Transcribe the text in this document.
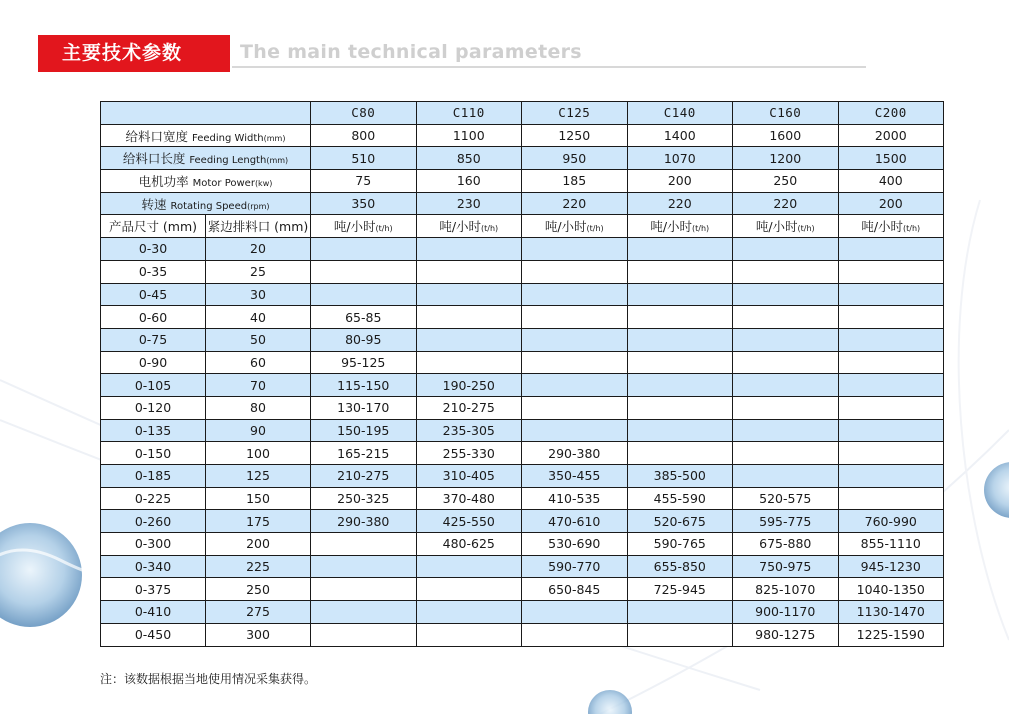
主要技术参数	The main technical parameters
		C80	C110	C125	C140	C160	C200
给料口宽度 Feeding Width(mm)		800	1100	1250	1400	1600	2000
给料口长度 Feeding Length(mm)		510	850	950	1070	1200	1500
电机功率 Motor Power(kw)		75	160	185	200	250	400
转速 Rotating Speed(rpm)		350	230	220	220	220	200
产品尺寸 (mm)	紧边排料口 (mm)	吨/小时(t/h)	吨/小时(t/h)	吨/小时(t/h)	吨/小时(t/h)	吨/小时(t/h)	吨/小时(t/h)
0-30	20						
0-35	25						
0-45	30						
0-60	40	65-85					
0-75	50	80-95					
0-90	60	95-125					
0-105	70	115-150	190-250				
0-120	80	130-170	210-275				
0-135	90	150-195	235-305				
0-150	100	165-215	255-330	290-380			
0-185	125	210-275	310-405	350-455	385-500		
0-225	150	250-325	370-480	410-535	455-590	520-575	
0-260	175	290-380	425-550	470-610	520-675	595-775	760-990
0-300	200		480-625	530-690	590-765	675-880	855-1110
0-340	225			590-770	655-850	750-975	945-1230
0-375	250			650-845	725-945	825-1070	1040-1350
0-410	275					900-1170	1130-1470
0-450	300					980-1275	1225-1590
注：该数据根据当地使用情况采集获得。
